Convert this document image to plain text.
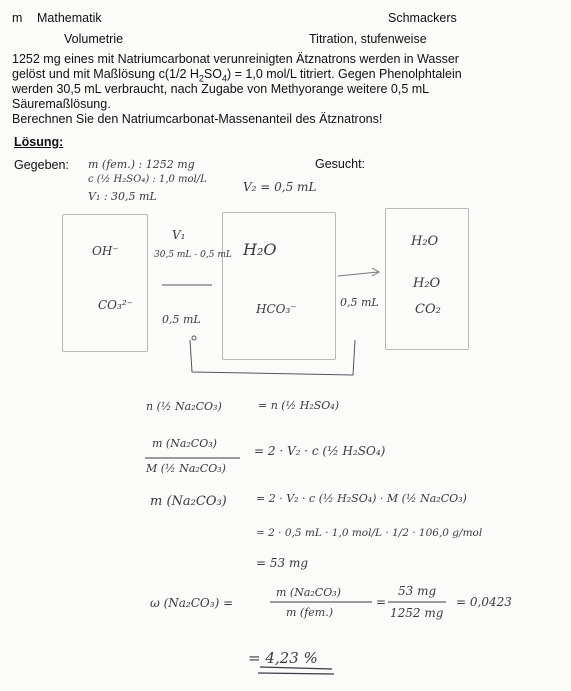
m Mathematik	Schmackers
Volumetrie	Titration, stufenweise
1252 mg eines mit Natriumcarbonat verunreinigten Ätznatrons werden in Wasser
gelöst und mit Maßlösung c(1/2 $H_2SO_4) = 1,0$ mol/L titriert. Gegen Phenolphtalein
werden 30,5 mL verbraucht, nach Zugabe von Methyorange weitere 0,5 mL
Säuremaßlösung.
Berechnen Sie den Natriumcarbonat-Massenanteil des Ätznatrons!
Lösung:
Gegeben:	Gesucht:
m (fem.) : 1252 mg
c (½ H₂SO₄) : 1,0 mol/L
V₁ : 30,5 mL
V₂ = 0,5 mL
OH⁻
CO₃²⁻
V₁
30,5 mL - 0,5 mL
0,5 mL
H₂O
HCO₃⁻	0,5 mL
H₂O
H₂O
CO₂
n (½ Na₂CO₃)	= n (½ H₂SO₄)
m (Na₂CO₃)
M (½ Na₂CO₃)
= 2 · V₂ · c (½ H₂SO₄)
m (Na₂CO₃)	= 2 · V₂ · c (½ H₂SO₄) · M (½ Na₂CO₃)
= 2 · 0,5 mL · 1,0 mol/L · 1/2 · 106,0 g/mol
= 53 mg
ω (Na₂CO₃) =
m (Na₂CO₃)
m (fem.)
=
53 mg
1252 mg
= 0,0423
= 4,23 %
